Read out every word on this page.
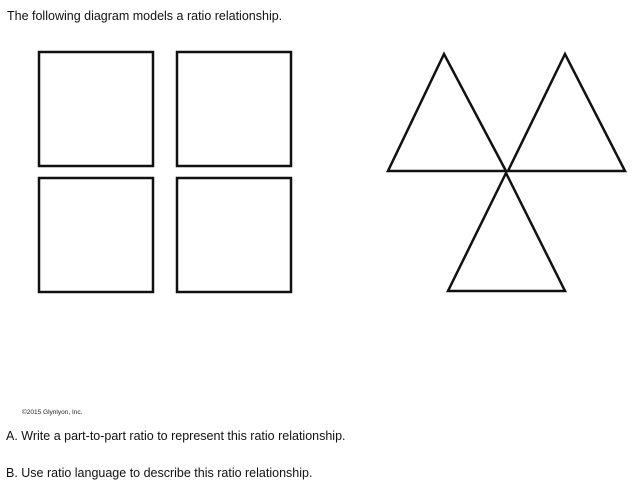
The following diagram models a ratio relationship.

©2015 Glynlyon, Inc.

A. Write a part-to-part ratio to represent this ratio relationship.

B. Use ratio language to describe this ratio relationship.
